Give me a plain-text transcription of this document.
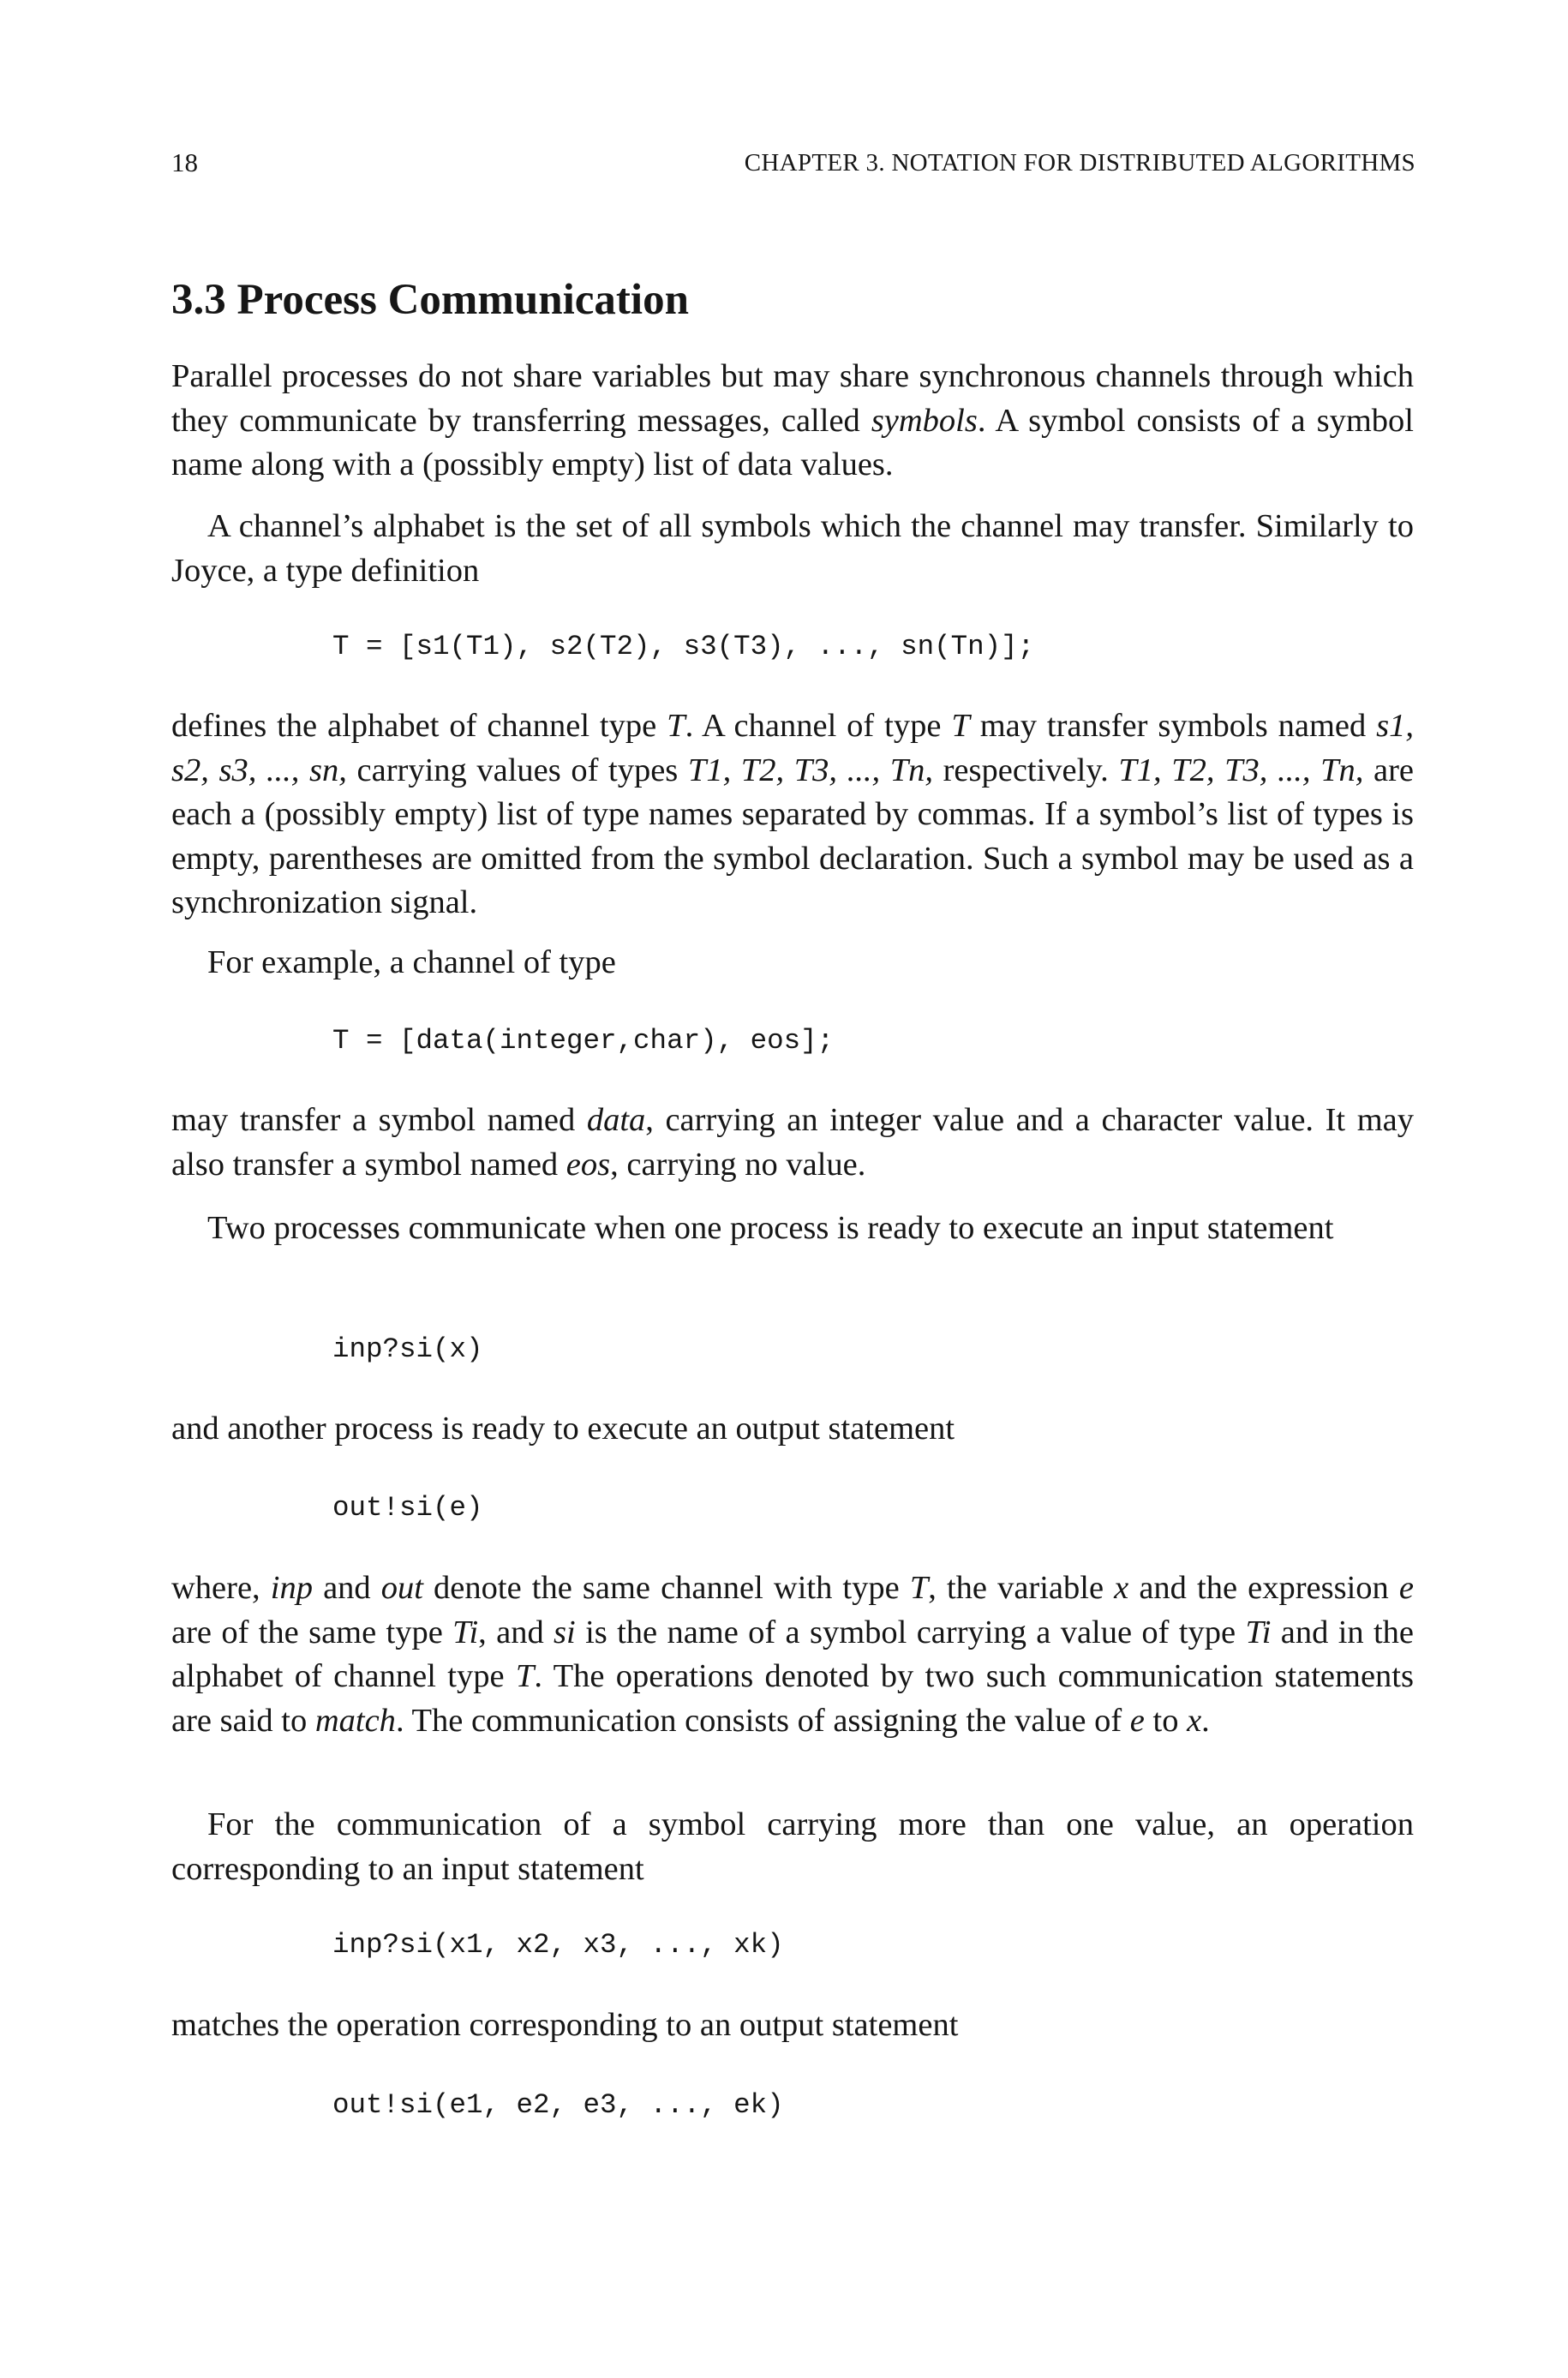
18	CHAPTER 3. NOTATION FOR DISTRIBUTED ALGORITHMS
3.3 Process Communication

Parallel processes do not share variables but may share synchronous channels through which they communicate by transferring messages, called symbols. A symbol consists of a symbol name along with a (possibly empty) list of data values.

A channel’s alphabet is the set of all symbols which the channel may transfer. Similarly to Joyce, a type definition

T = [s1(T1), s2(T2), s3(T3), ..., sn(Tn)];

defines the alphabet of channel type T. A channel of type T may transfer symbols named s1, s2, s3, ..., sn, carrying values of types T1, T2, T3, ..., Tn, respectively. T1, T2, T3, ..., Tn, are each a (possibly empty) list of type names separated by commas. If a symbol’s list of types is empty, parentheses are omitted from the symbol declaration. Such a symbol may be used as a synchronization signal.

For example, a channel of type

T = [data(integer,char), eos];

may transfer a symbol named data, carrying an integer value and a character value. It may also transfer a symbol named eos, carrying no value.

Two processes communicate when one process is ready to execute an input statement

inp?si(x)

and another process is ready to execute an output statement

out!si(e)

where, inp and out denote the same channel with type T, the variable x and the expression e are of the same type Ti, and si is the name of a symbol carrying a value of type Ti and in the alphabet of channel type T. The operations denoted by two such communication statements are said to match. The communication consists of assigning the value of e to x.

For the communication of a symbol carrying more than one value, an operation corresponding to an input statement

inp?si(x1, x2, x3, ..., xk)

matches the operation corresponding to an output statement

out!si(e1, e2, e3, ..., ek)
